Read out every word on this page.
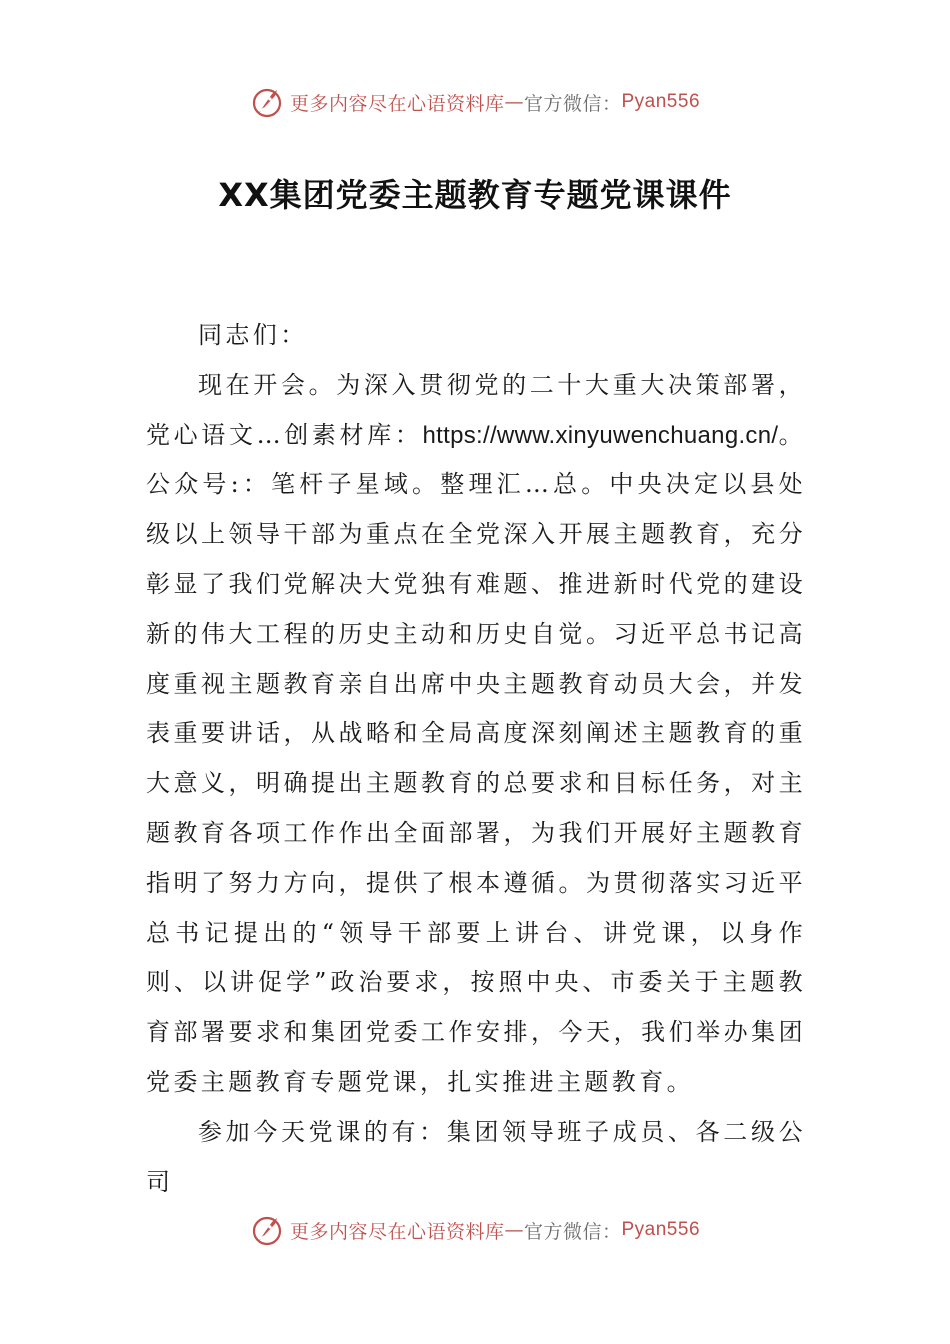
更多内容尽在心语资料库 — 官方微信： Pyan556
XX集团党委主题教育专题党课课件

同志们：

现在开会。为深入贯彻党的二十大重大决策部署，党心语文…创素材库：https://www.xinyuwenchuang.cn/。公众号:：笔杆子星域。整理汇…总。中央决定以县处级以上领导干部为重点在全党深入开展主题教育，充分彰显了我们党解决大党独有难题、推进新时代党的建设新的伟大工程的历史主动和历史自觉。习近平总书记高度重视主题教育亲自出席中央主题教育动员大会，并发表重要讲话，从战略和全局高度深刻阐述主题教育的重大意义，明确提出主题教育的总要求和目标任务，对主题教育各项工作作出全面部署，为我们开展好主题教育指明了努力方向，提供了根本遵循。为贯彻落实习近平总书记提出的“领导干部要上讲台、讲党课，以身作则、以讲促学”政治要求，按照中央、市委关于主题教育部署要求和集团党委工作安排，今天，我们举办集团党委主题教育专题党课，扎实推进主题教育。

参加今天党课的有：集团领导班子成员、各二级公司

更多内容尽在心语资料库 — 官方微信： Pyan556
